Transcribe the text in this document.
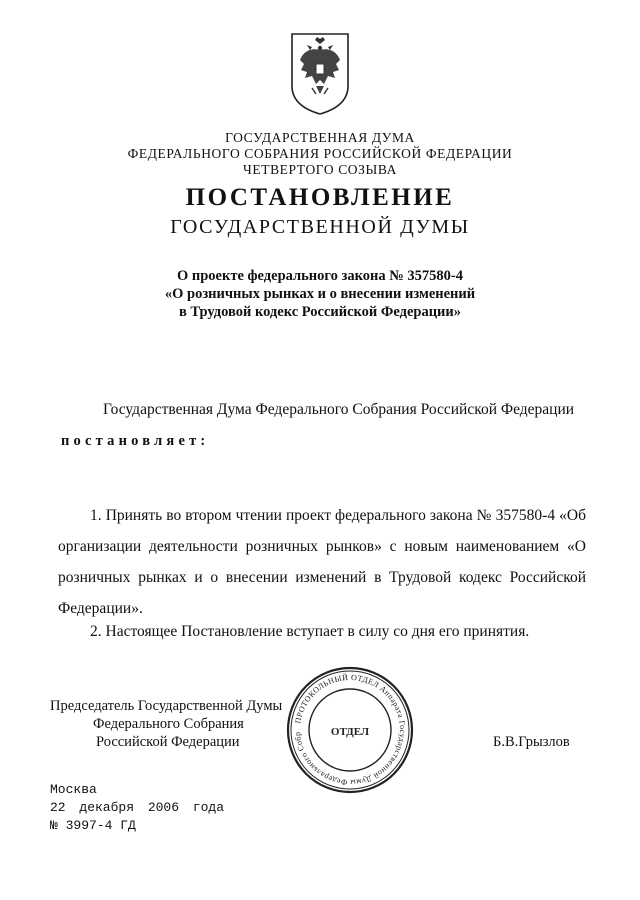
ГОСУДАРСТВЕННАЯ ДУМА
ФЕДЕРАЛЬНОГО СОБРАНИЯ РОССИЙСКОЙ ФЕДЕРАЦИИ
ЧЕТВЕРТОГО СОЗЫВА
ПОСТАНОВЛЕНИЕ
ГОСУДАРСТВЕННОЙ ДУМЫ
О проекте федерального закона № 357580-4
«О розничных рынках и о внесении изменений
в Трудовой кодекс Российской Федерации»
Государственная Дума Федерального Собрания Российской Федерации
постановляет:
1. Принять во втором чтении проект федерального закона № 357580-4 «Об организации деятельности розничных рынков» с новым наименованием «О розничных рынках и о внесении изменений в Трудовой кодекс Российской Федерации».
2. Настоящее Постановление вступает в силу со дня его принятия.
Председатель Государственной Думы
Федерального Собрания
Российской Федерации	Б.В.Грызлов
ПРОТОКОЛЬНЫЙ ОТДЕЛ Аппарата Государственной Думы Федерального Собр	ОТДЕЛ
Москва
22 декабря 2006 года
№ 3997-4 ГД
